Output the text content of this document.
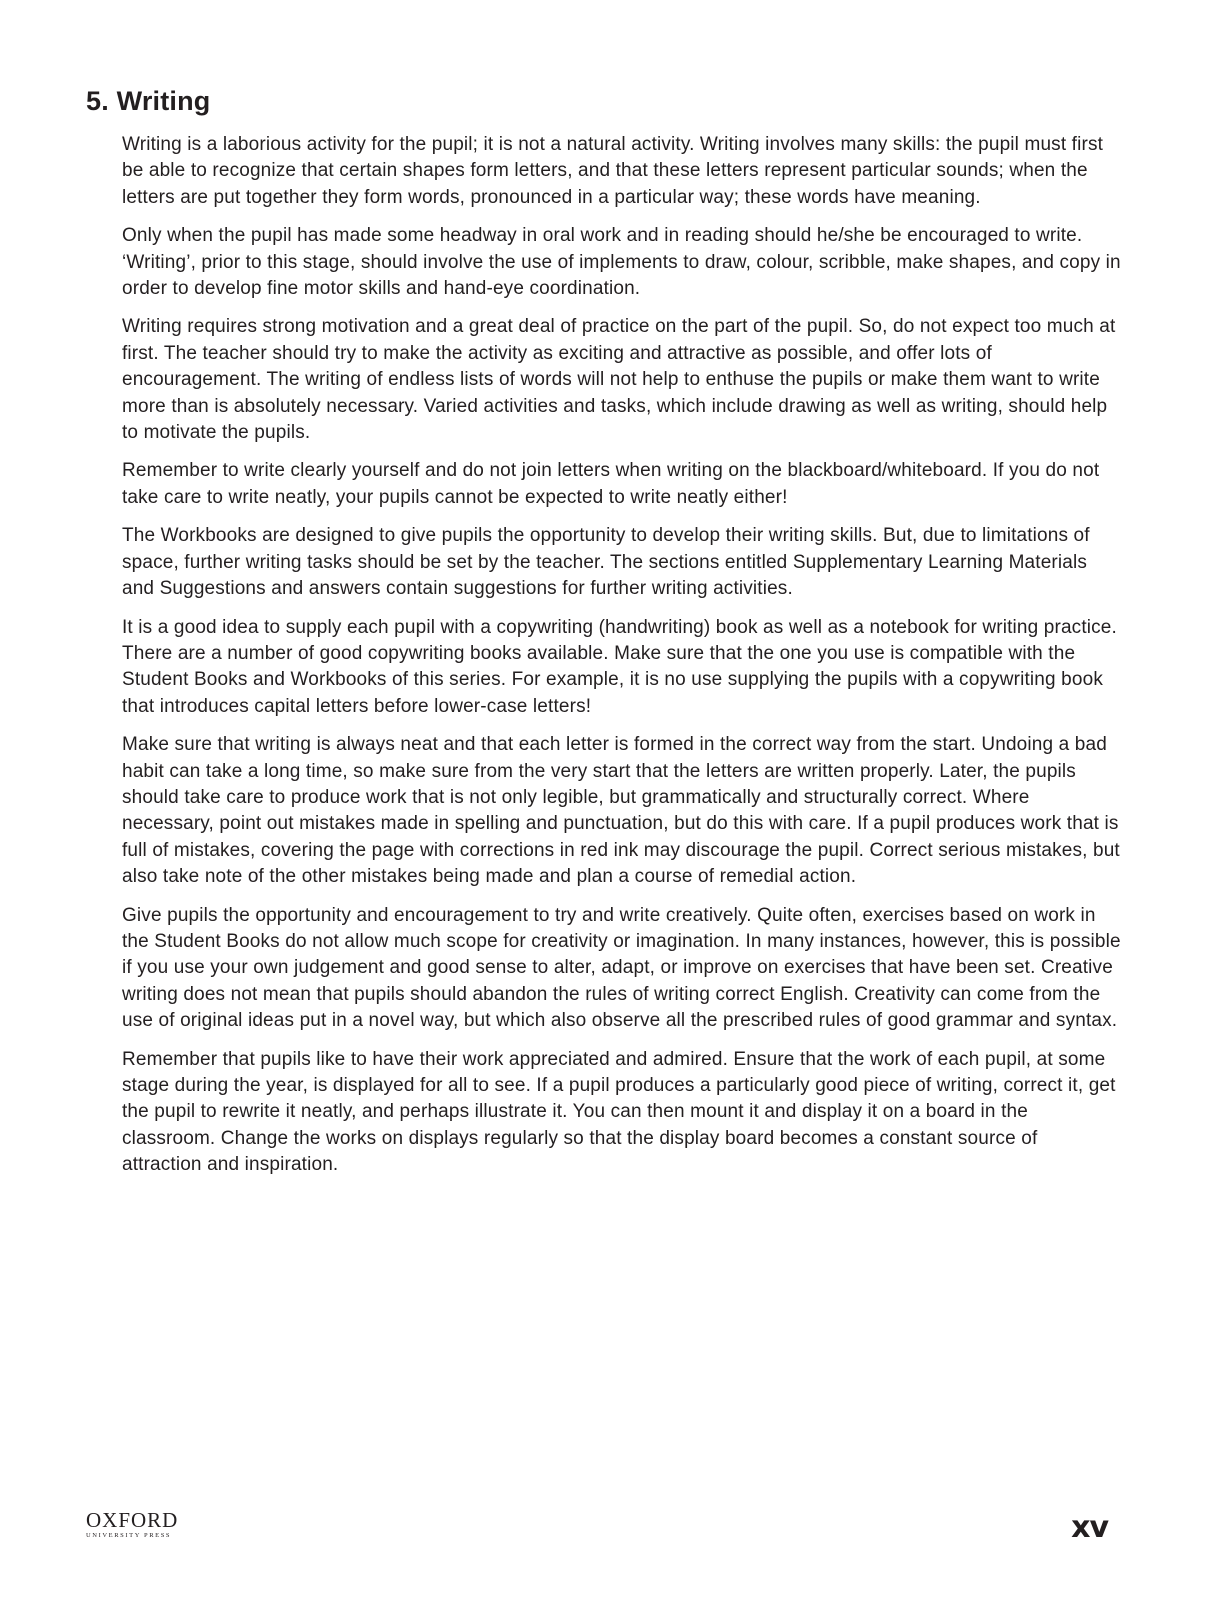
5. Writing

Writing is a laborious activity for the pupil; it is not a natural activity. Writing involves many skills: the pupil must first be able to recognize that certain shapes form letters, and that these letters represent particular sounds; when the letters are put together they form words, pronounced in a particular way; these words have meaning.

Only when the pupil has made some headway in oral work and in reading should he/she be encouraged to write. ‘Writing’, prior to this stage, should involve the use of implements to draw, colour, scribble, make shapes, and copy in order to develop fine motor skills and hand-eye coordination.

Writing requires strong motivation and a great deal of practice on the part of the pupil. So, do not expect too much at first. The teacher should try to make the activity as exciting and attractive as possible, and offer lots of encouragement. The writing of endless lists of words will not help to enthuse the pupils or make them want to write more than is absolutely necessary. Varied activities and tasks, which include drawing as well as writing, should help to motivate the pupils.

Remember to write clearly yourself and do not join letters when writing on the blackboard/whiteboard. If you do not take care to write neatly, your pupils cannot be expected to write neatly either!

The Workbooks are designed to give pupils the opportunity to develop their writing skills. But, due to limitations of space, further writing tasks should be set by the teacher. The sections entitled Supplementary Learning Materials and Suggestions and answers contain suggestions for further writing activities.

It is a good idea to supply each pupil with a copywriting (handwriting) book as well as a notebook for writing practice. There are a number of good copywriting books available. Make sure that the one you use is compatible with the Student Books and Workbooks of this series. For example, it is no use supplying the pupils with a copywriting book that introduces capital letters before lower-case letters!

Make sure that writing is always neat and that each letter is formed in the correct way from the start. Undoing a bad habit can take a long time, so make sure from the very start that the letters are written properly. Later, the pupils should take care to produce work that is not only legible, but grammatically and structurally correct. Where necessary, point out mistakes made in spelling and punctuation, but do this with care. If a pupil produces work that is full of mistakes, covering the page with corrections in red ink may discourage the pupil. Correct serious mistakes, but also take note of the other mistakes being made and plan a course of remedial action.

Give pupils the opportunity and encouragement to try and write creatively. Quite often, exercises based on work in the Student Books do not allow much scope for creativity or imagination. In many instances, however, this is possible if you use your own judgement and good sense to alter, adapt, or improve on exercises that have been set. Creative writing does not mean that pupils should abandon the rules of writing correct English. Creativity can come from the use of original ideas put in a novel way, but which also observe all the prescribed rules of good grammar and syntax.

Remember that pupils like to have their work appreciated and admired. Ensure that the work of each pupil, at some stage during the year, is displayed for all to see. If a pupil produces a particularly good piece of writing, correct it, get the pupil to rewrite it neatly, and perhaps illustrate it. You can then mount it and display it on a board in the classroom. Change the works on displays regularly so that the display board becomes a constant source of attraction and inspiration.

OXFORD
UNIVERSITY PRESS	xv
